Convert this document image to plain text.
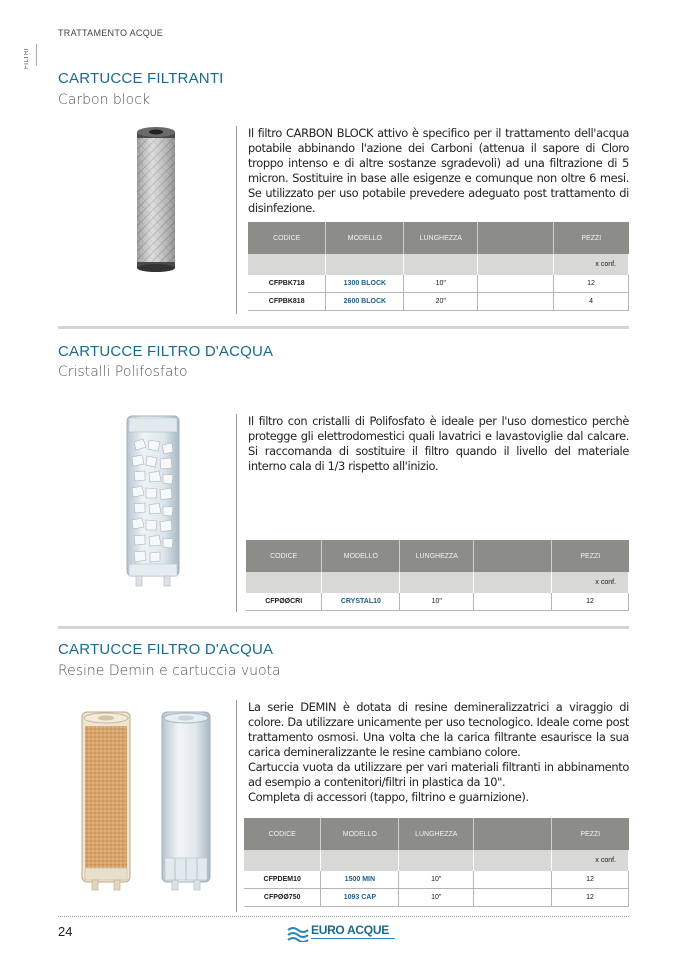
TRATTAMENTO ACQUE
FILTRI
CARTUCCE FILTRANTI
Carbon block
Il filtro CARBON BLOCK attivo è specifico per il trattamento dell'acqua potabile abbinando l'azione dei Carboni (attenua il sapore di Cloro troppo intenso e di altre sostanze sgradevoli) ad una filtrazione di 5 micron. Sostituire in base alle esigenze e comunque non oltre 6 mesi. Se utilizzato per uso potabile prevedere adeguato post trattamento di disinfezione.
CODICE	MODELLO	LUNGHEZZA		PEZZI
				x conf.
CFPBK718	1300 BLOCK	10"		12
CFPBK818	2600 BLOCK	20"		4
CARTUCCE FILTRO D'ACQUA
Cristalli Polifosfato
Il filtro con cristalli di Polifosfato è ideale per l'uso domestico perchè protegge gli elettrodomestici quali lavatrici e lavastoviglie dal calcare. Si raccomanda di sostituire il filtro quando il livello del materiale interno cala di 1/3 rispetto all'inizio.
CODICE	MODELLO	LUNGHEZZA		PEZZI
				x conf.
CFPØØCRI	CRYSTAL10	10"		12
CARTUCCE FILTRO D'ACQUA
Resine Demin e cartuccia vuota
La serie DEMIN è dotata di resine demineralizzatrici a viraggio di colore. Da utilizzare unicamente per uso tecnologico. Ideale come post trattamento osmosi. Una volta che la carica filtrante esaurisce la sua carica demineralizzante le resine cambiano colore.
Cartuccia vuota da utilizzare per vari materiali filtranti in abbinamento ad esempio a contenitori/filtri in plastica da 10".
Completa di accessori (tappo, filtrino e guarnizione).
CODICE	MODELLO	LUNGHEZZA		PEZZI
				x conf.
CFPDEM10	1500 MIN	10"		12
CFPØØ750	1093 CAP	10"		12
24	EURO ACQUE
